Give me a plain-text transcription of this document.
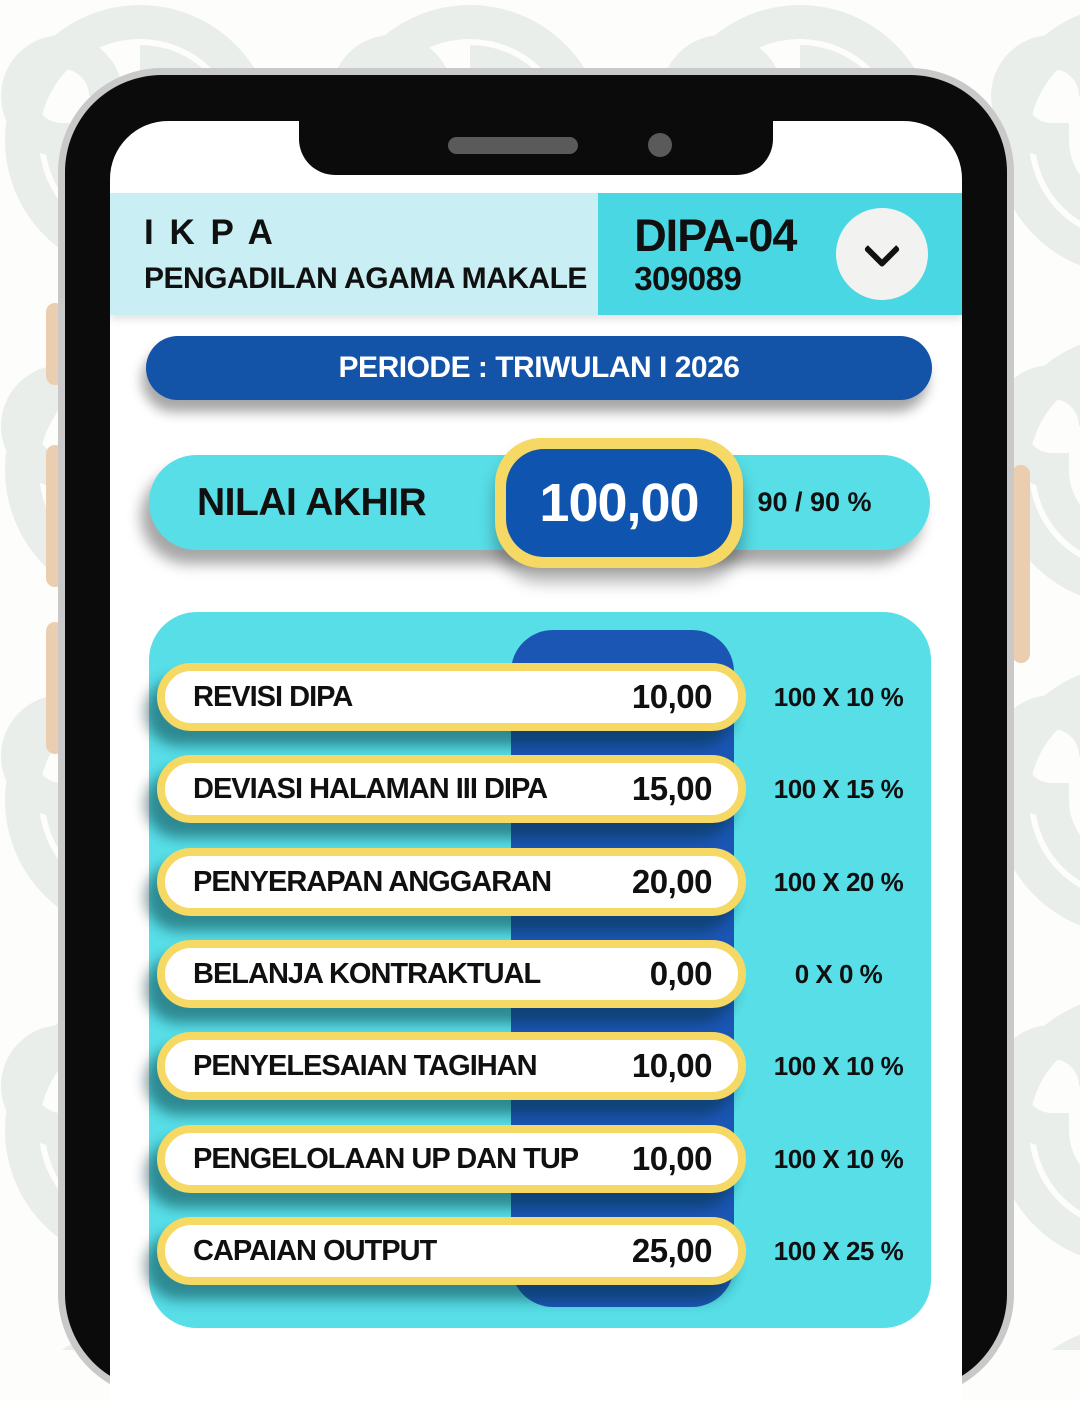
I K P A
PENGADILAN AGAMA MAKALE
DIPA-04
309089
PERIODE : TRIWULAN I 2026
NILAI AKHIR	90 / 90 %
100,00
REVISI DIPA	10,00	100 X 10 %
DEVIASI HALAMAN III DIPA	15,00	100 X 15 %
PENYERAPAN ANGGARAN 20,00	100 X 20 %
BELANJA KONTRAKTUAL	0,00	0 X 0 %
PENYELESAIAN TAGIHAN	10,00	100 X 10 %
PENGELOLAAN UP DAN TUP 10,00	100 X 10 %
CAPAIAN OUTPUT	25,00	100 X 25 %
